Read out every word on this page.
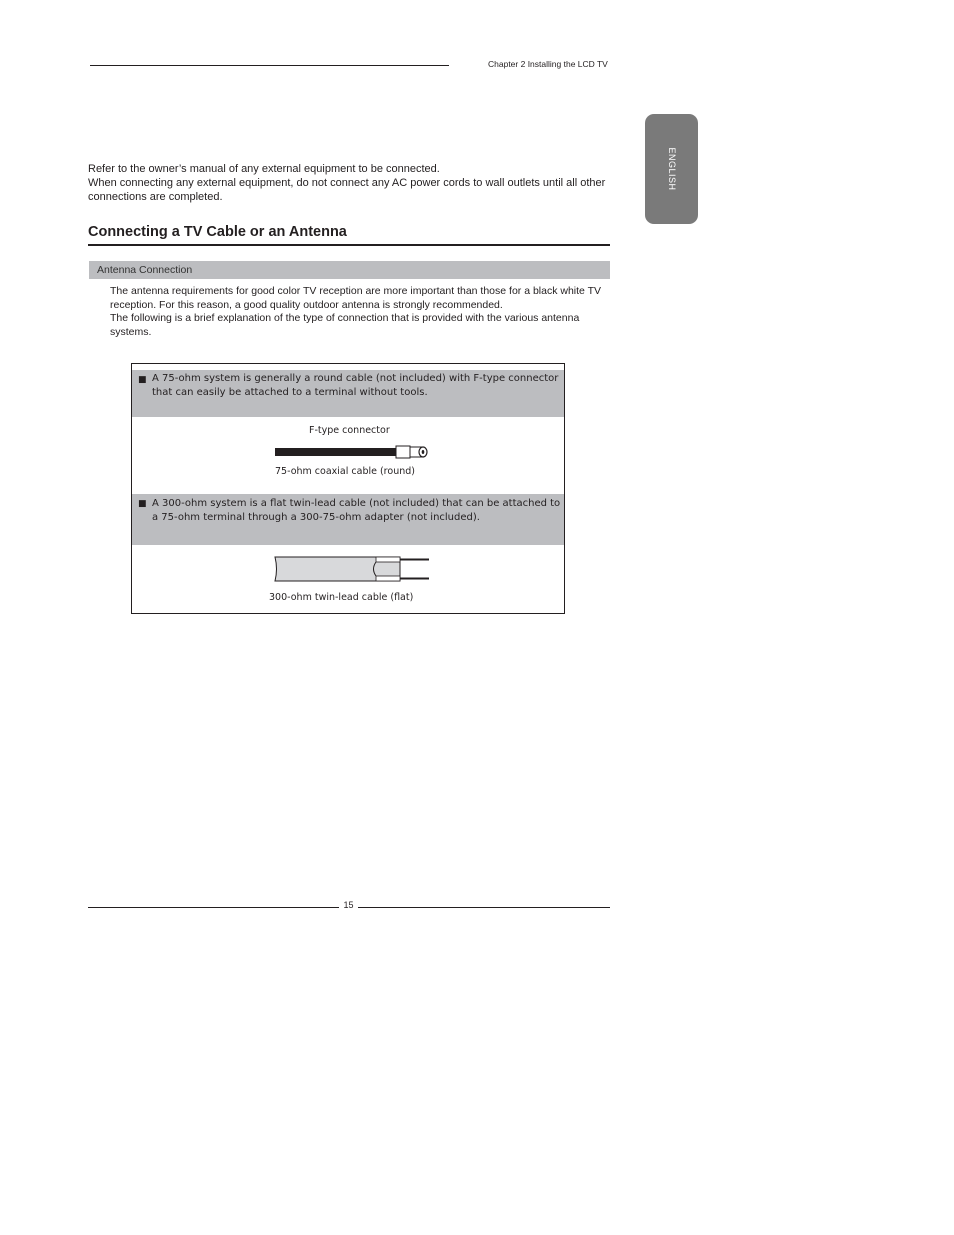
Chapter 2 Installing the LCD TV
ENGLISH

Refer to the owner’s manual of any external equipment to be connected.

When connecting any external equipment, do not connect any AC power cords to wall outlets until all other connections are completed.

Connecting a TV Cable or an Antenna
Antenna Connection

The antenna requirements for good color TV reception are more important than those for a black white TV reception. For this reason, a good quality outdoor antenna is strongly recommended.

The following is a brief explanation of the type of connection that is provided with the various antenna systems.

■ A 75-ohm system is generally a round cable (not included) with F-type connector that can easily be attached to a terminal without tools.
F-type connector
75-ohm coaxial cable (round)
■ A 300-ohm system is a flat twin-lead cable (not included) that can be attached to a 75-ohm terminal through a 300-75-ohm adapter (not included).
300-ohm twin-lead cable (flat)
15
